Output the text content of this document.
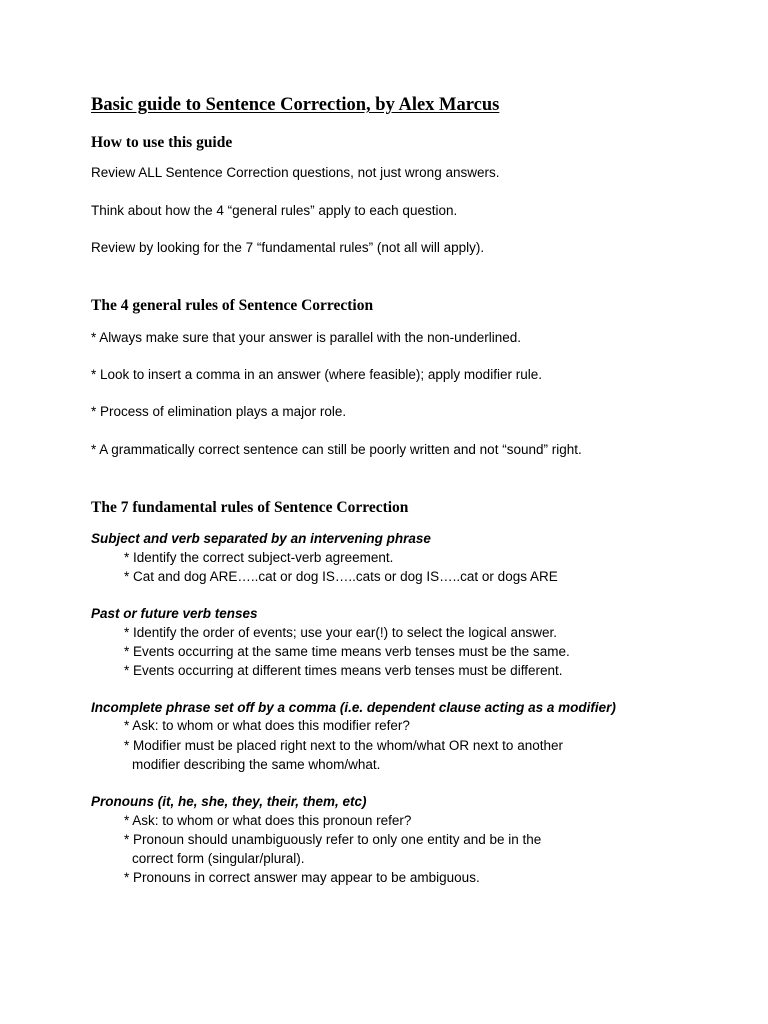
Basic guide to Sentence Correction, by Alex Marcus
How to use this guide

Review ALL Sentence Correction questions, not just wrong answers.

Think about how the 4 “general rules” apply to each question.

Review by looking for the 7 “fundamental rules” (not all will apply).

The 4 general rules of Sentence Correction

* Always make sure that your answer is parallel with the non-underlined.

* Look to insert a comma in an answer (where feasible); apply modifier rule.

* Process of elimination plays a major role.

* A grammatically correct sentence can still be poorly written and not “sound” right.

The 7 fundamental rules of Sentence Correction

Subject and verb separated by an intervening phrase

* Identify the correct subject-verb agreement.

* Cat and dog ARE…..cat or dog IS…..cats or dog IS…..cat or dogs ARE

Past or future verb tenses

* Identify the order of events; use your ear(!) to select the logical answer.

* Events occurring at the same time means verb tenses must be the same.

* Events occurring at different times means verb tenses must be different.

Incomplete phrase set off by a comma (i.e. dependent clause acting as a modifier)

* Ask: to whom or what does this modifier refer?

* Modifier must be placed right next to the whom/what OR next to another

modifier describing the same whom/what.

Pronouns (it, he, she, they, their, them, etc)

* Ask: to whom or what does this pronoun refer?

* Pronoun should unambiguously refer to only one entity and be in the

correct form (singular/plural).

* Pronouns in correct answer may appear to be ambiguous.
